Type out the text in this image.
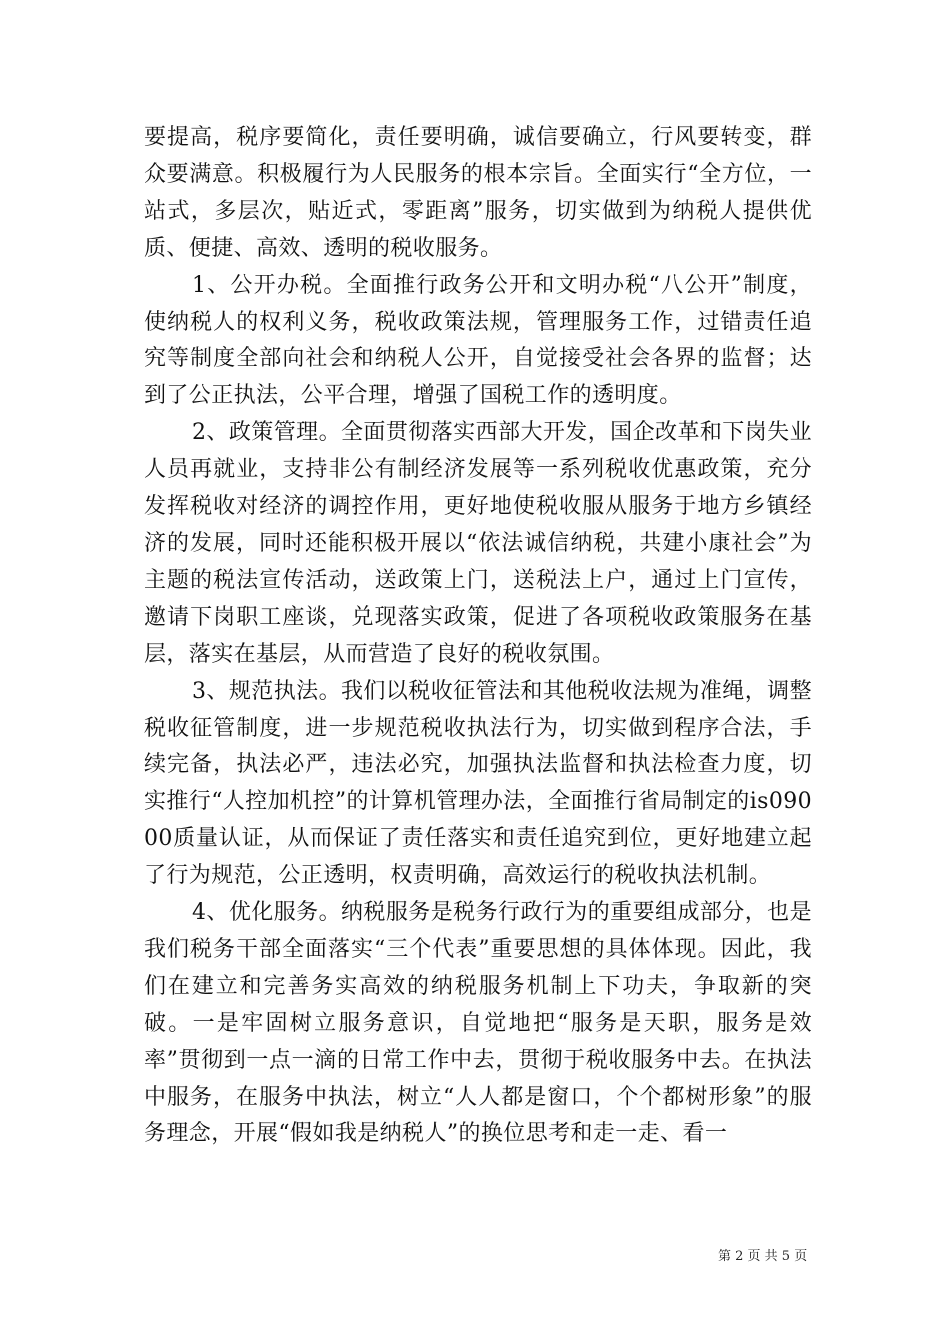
要提高，税序要简化，责任要明确，诚信要确立，行风要转变，群众要满意。积极履行为人民服务的根本宗旨。全面实行“全方位，一站式，多层次，贴近式，零距离”服务，切实做到为纳税人提供优质、便捷、高效、透明的税收服务。

1、公开办税。全面推行政务公开和文明办税“八公开”制度，使纳税人的权利义务，税收政策法规，管理服务工作，过错责任追究等制度全部向社会和纳税人公开，自觉接受社会各界的监督；达到了公正执法，公平合理，增强了国税工作的透明度。

2、政策管理。全面贯彻落实西部大开发，国企改革和下岗失业人员再就业，支持非公有制经济发展等一系列税收优惠政策，充分发挥税收对经济的调控作用，更好地使税收服从服务于地方乡镇经济的发展，同时还能积极开展以“依法诚信纳税，共建小康社会”为主题的税法宣传活动，送政策上门，送税法上户，通过上门宣传，邀请下岗职工座谈，兑现落实政策，促进了各项税收政策服务在基层，落实在基层，从而营造了良好的税收氛围。

3、规范执法。我们以税收征管法和其他税收法规为准绳，调整税收征管制度，进一步规范税收执法行为，切实做到程序合法，手续完备，执法必严，违法必究，加强执法监督和执法检查力度，切实推行“人控加机控”的计算机管理办法，全面推行省局制定的is09000质量认证，从而保证了责任落实和责任追究到位，更好地建立起了行为规范，公正透明，权责明确，高效运行的税收执法机制。

4、优化服务。纳税服务是税务行政行为的重要组成部分，也是我们税务干部全面落实“三个代表”重要思想的具体体现。因此，我们在建立和完善务实高效的纳税服务机制上下功夫，争取新的突破。一是牢固树立服务意识，自觉地把“服务是天职，服务是效率”贯彻到一点一滴的日常工作中去，贯彻于税收服务中去。在执法中服务，在服务中执法，树立“人人都是窗口，个个都树形象”的服务理念，开展“假如我是纳税人”的换位思考和走一走、看一

第 2 页 共 5 页
